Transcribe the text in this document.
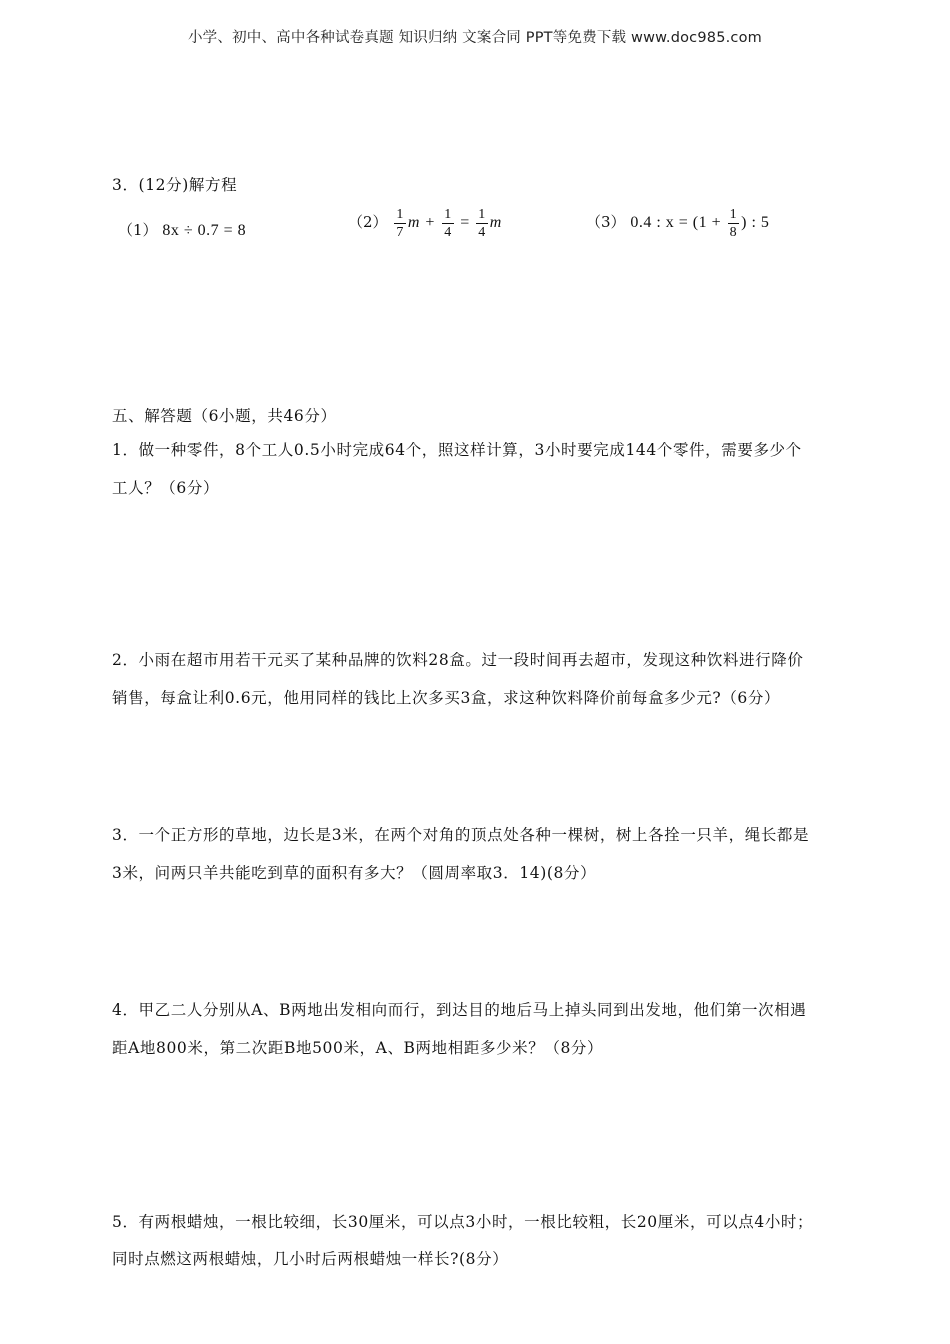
小学、初中、高中各种试卷真题 知识归纳 文案合同 PPT等免费下载 www.doc985.com
3．(12分)解方程
（1） 8x ÷ 0.7 = 8	$(2) \frac{1}{7}$ $m + \frac{1}{4} = \frac{1}{4}$ m	（3） 0.4 : $x = (1 + \frac{1}{8}$ ) : 5
五、解答题（6小题，共46分）
1．做一种零件，8个工人0.5小时完成64个，照这样计算，3小时要完成144个零件，需要多少个
工人？（6分）
2．小雨在超市用若干元买了某种品牌的饮料28盒。过一段时间再去超市，发现这种饮料进行降价
销售，每盒让利0.6元，他用同样的钱比上次多买3盒，求这种饮料降价前每盒多少元?（6分）
3．一个正方形的草地，边长是3米，在两个对角的顶点处各种一棵树，树上各拴一只羊，绳长都是
3米，问两只羊共能吃到草的面积有多大？（圆周率取3．14)(8分）
4．甲乙二人分别从A、B两地出发相向而行，到达目的地后马上掉头同到出发地，他们第一次相遇
距A地800米，第二次距B地500米，A、B两地相距多少米？（8分）
5．有两根蜡烛，一根比较细，长30厘米，可以点3小时，一根比较粗，长20厘米，可以点4小时；
同时点燃这两根蜡烛，几小时后两根蜡烛一样长?(8分）
